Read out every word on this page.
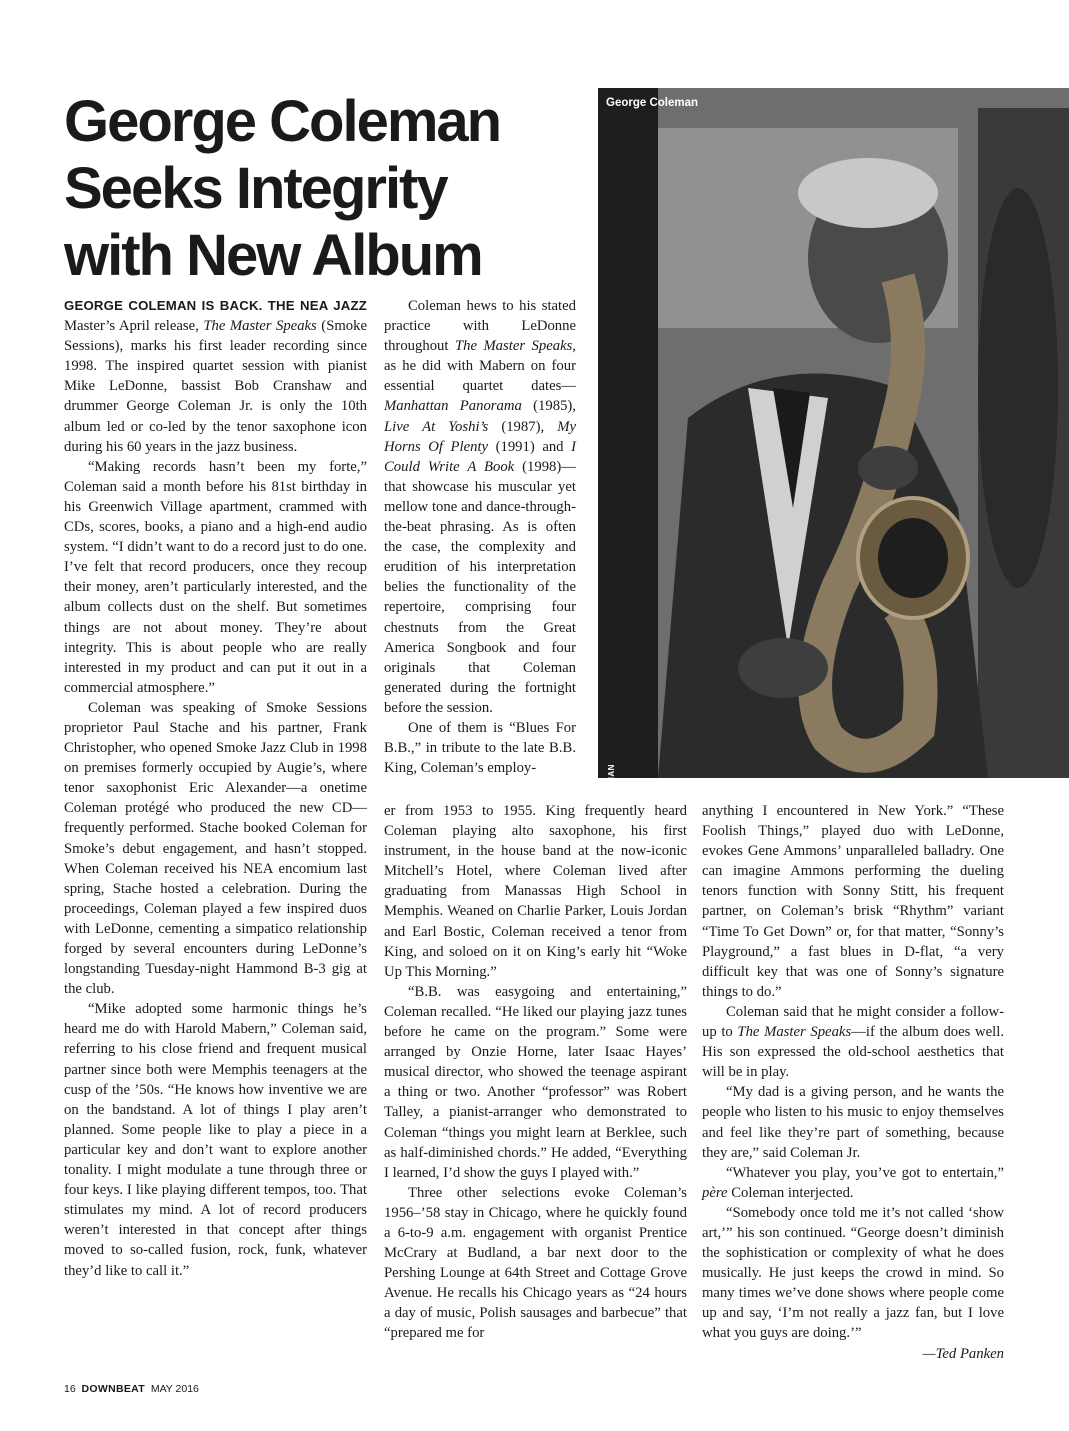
George Coleman
Seeks Integrity
with New Album
George Coleman
DAVE KAUFMAN

GEORGE COLEMAN IS BACK. THE NEA JAZZ Master’s April release, The Master Speaks (Smoke Sessions), marks his first leader recording since 1998. The inspired quartet session with pianist Mike LeDonne, bassist Bob Cranshaw and drummer George Coleman Jr. is only the 10th album led or co-led by the tenor saxophone icon during his 60 years in the jazz business.

“Making records hasn’t been my forte,” Coleman said a month before his 81st birthday in his Greenwich Village apartment, crammed with CDs, scores, books, a piano and a high-end audio system. “I didn’t want to do a record just to do one. I’ve felt that record producers, once they recoup their money, aren’t particularly interested, and the album collects dust on the shelf. But sometimes things are not about money. They’re about integrity. This is about people who are really interested in my product and can put it out in a commercial atmosphere.”

Coleman was speaking of Smoke Sessions proprietor Paul Stache and his partner, Frank Christopher, who opened Smoke Jazz Club in 1998 on premises formerly occupied by Augie’s, where tenor saxophonist Eric Alexander—a onetime Coleman protégé who produced the new CD—frequently performed. Stache booked Coleman for Smoke’s debut engagement, and hasn’t stopped. When Coleman received his NEA encomium last spring, Stache hosted a celebration. During the proceedings, Coleman played a few inspired duos with LeDonne, cementing a simpatico relationship forged by several encounters during LeDonne’s longstanding Tuesday-night Hammond B-3 gig at the club.

“Mike adopted some harmonic things he’s heard me do with Harold Mabern,” Coleman said, referring to his close friend and frequent musical partner since both were Memphis teenagers at the cusp of the ’50s. “He knows how inventive we are on the bandstand. A lot of things I play aren’t planned. Some people like to play a piece in a particular key and don’t want to explore another tonality. I might modulate a tune through three or four keys. I like playing different tempos, too. That stimulates my mind. A lot of record producers weren’t interested in that concept after things moved to so-called fusion, rock, funk, whatever they’d like to call it.”

Coleman hews to his stated practice with LeDonne throughout The Master Speaks, as he did with Mabern on four essential quartet dates—Manhattan Panorama (1985), Live At Yoshi’s (1987), My Horns Of Plenty (1991) and I Could Write A Book (1998)—that showcase his muscular yet mellow tone and dance-through-the-beat phrasing. As is often the case, the complexity and erudition of his interpretation belies the functionality of the repertoire, comprising four chestnuts from the Great America Songbook and four originals that Coleman generated during the fortnight before the session.

One of them is “Blues For B.B.,” in tribute to the late B.B. King, Coleman’s employ-

er from 1953 to 1955. King frequently heard Coleman playing alto saxophone, his first instrument, in the house band at the now-iconic Mitchell’s Hotel, where Coleman lived after graduating from Manassas High School in Memphis. Weaned on Charlie Parker, Louis Jordan and Earl Bostic, Coleman received a tenor from King, and soloed on it on King’s early hit “Woke Up This Morning.”

“B.B. was easygoing and entertaining,” Coleman recalled. “He liked our playing jazz tunes before he came on the program.” Some were arranged by Onzie Horne, later Isaac Hayes’ musical director, who showed the teenage aspirant a thing or two. Another “professor” was Robert Talley, a pianist-arranger who demonstrated to Coleman “things you might learn at Berklee, such as half-diminished chords.” He added, “Everything I learned, I’d show the guys I played with.”

Three other selections evoke Coleman’s 1956–’58 stay in Chicago, where he quickly found a 6-to-9 a.m. engagement with organist Prentice McCrary at Budland, a bar next door to the Pershing Lounge at 64th Street and Cottage Grove Avenue. He recalls his Chicago years as “24 hours a day of music, Polish sausages and barbecue” that “prepared me for

anything I encountered in New York.” “These Foolish Things,” played duo with LeDonne, evokes Gene Ammons’ unparalleled balladry. One can imagine Ammons performing the dueling tenors function with Sonny Stitt, his frequent partner, on Coleman’s brisk “Rhythm” variant “Time To Get Down” or, for that matter, “Sonny’s Playground,” a fast blues in D-flat, “a very difficult key that was one of Sonny’s signature things to do.”

Coleman said that he might consider a follow-up to The Master Speaks—if the album does well. His son expressed the old-school aesthetics that will be in play.

“My dad is a giving person, and he wants the people who listen to his music to enjoy themselves and feel like they’re part of something, because they are,” said Coleman Jr.

“Whatever you play, you’ve got to entertain,” père Coleman interjected.

“Somebody once told me it’s not called ‘show art,’” his son continued. “George doesn’t diminish the sophistication or complexity of what he does musically. He just keeps the crowd in mind. So many times we’ve done shows where people come up and say, ‘I’m not really a jazz fan, but I love what you guys are doing.’”

—Ted Panken

16 DOWNBEAT MAY 2016
